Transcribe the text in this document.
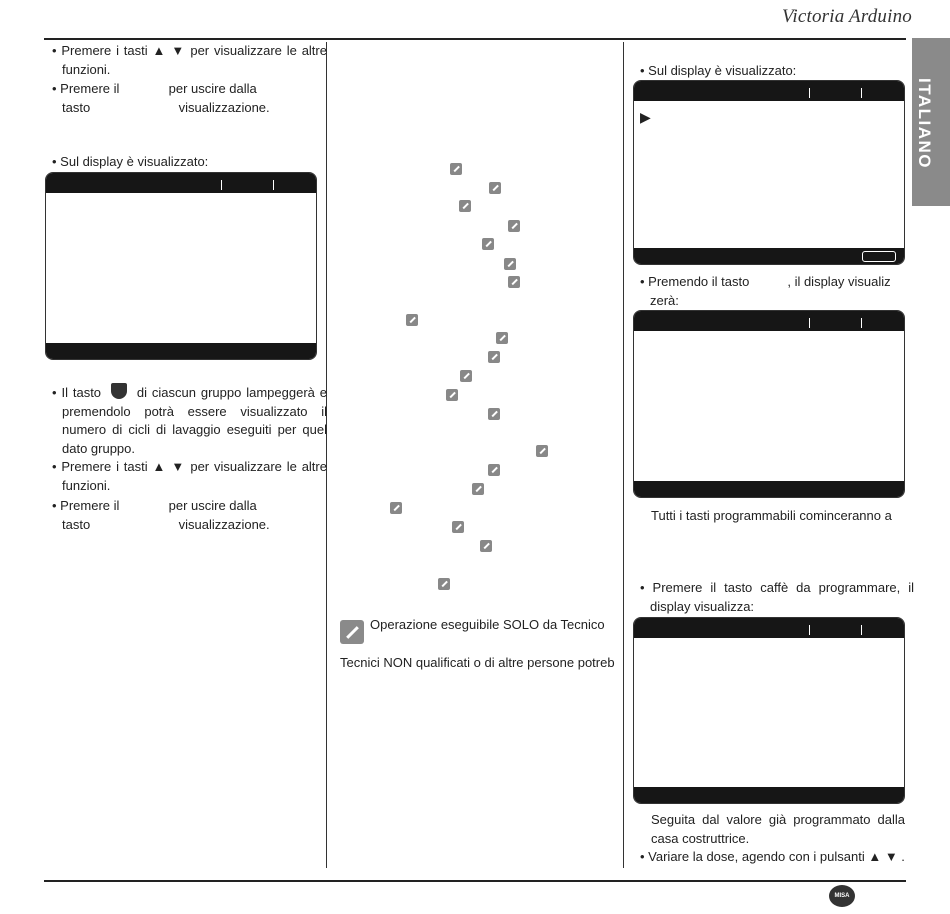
Victoria Arduino
ITALIANO
• Premere i tasti ▲ ▼ per visualizzare le altre funzioni.
• Premere il tasto
per uscire dalla visualizzazione.
• Sul display è visualizzato:
• Il tasto	di ciascun gruppo lampeggerà e premendolo potrà essere visualizzato il numero di cicli di lavaggio eseguiti per quel dato gruppo.
• Premere i tasti ▲ ▼ per visualizzare le altre funzioni.
• Premere il tasto
per uscire dalla visualizzazione.
Operazione eseguibile SOLO da Tecnico
Tecnici NON qualificati o di altre persone potreb
• Sul display è visualizzato:
▶
• Premendo il tasto	, il display visualiz zerà:
Tutti i tasti programmabili cominceranno a
• Premere il tasto caffè da programmare, il display visualizza:
Seguita dal valore già programmato dalla casa costruttrice.
• Variare la dose, agendo con i pulsanti ▲ ▼ .
MISA
